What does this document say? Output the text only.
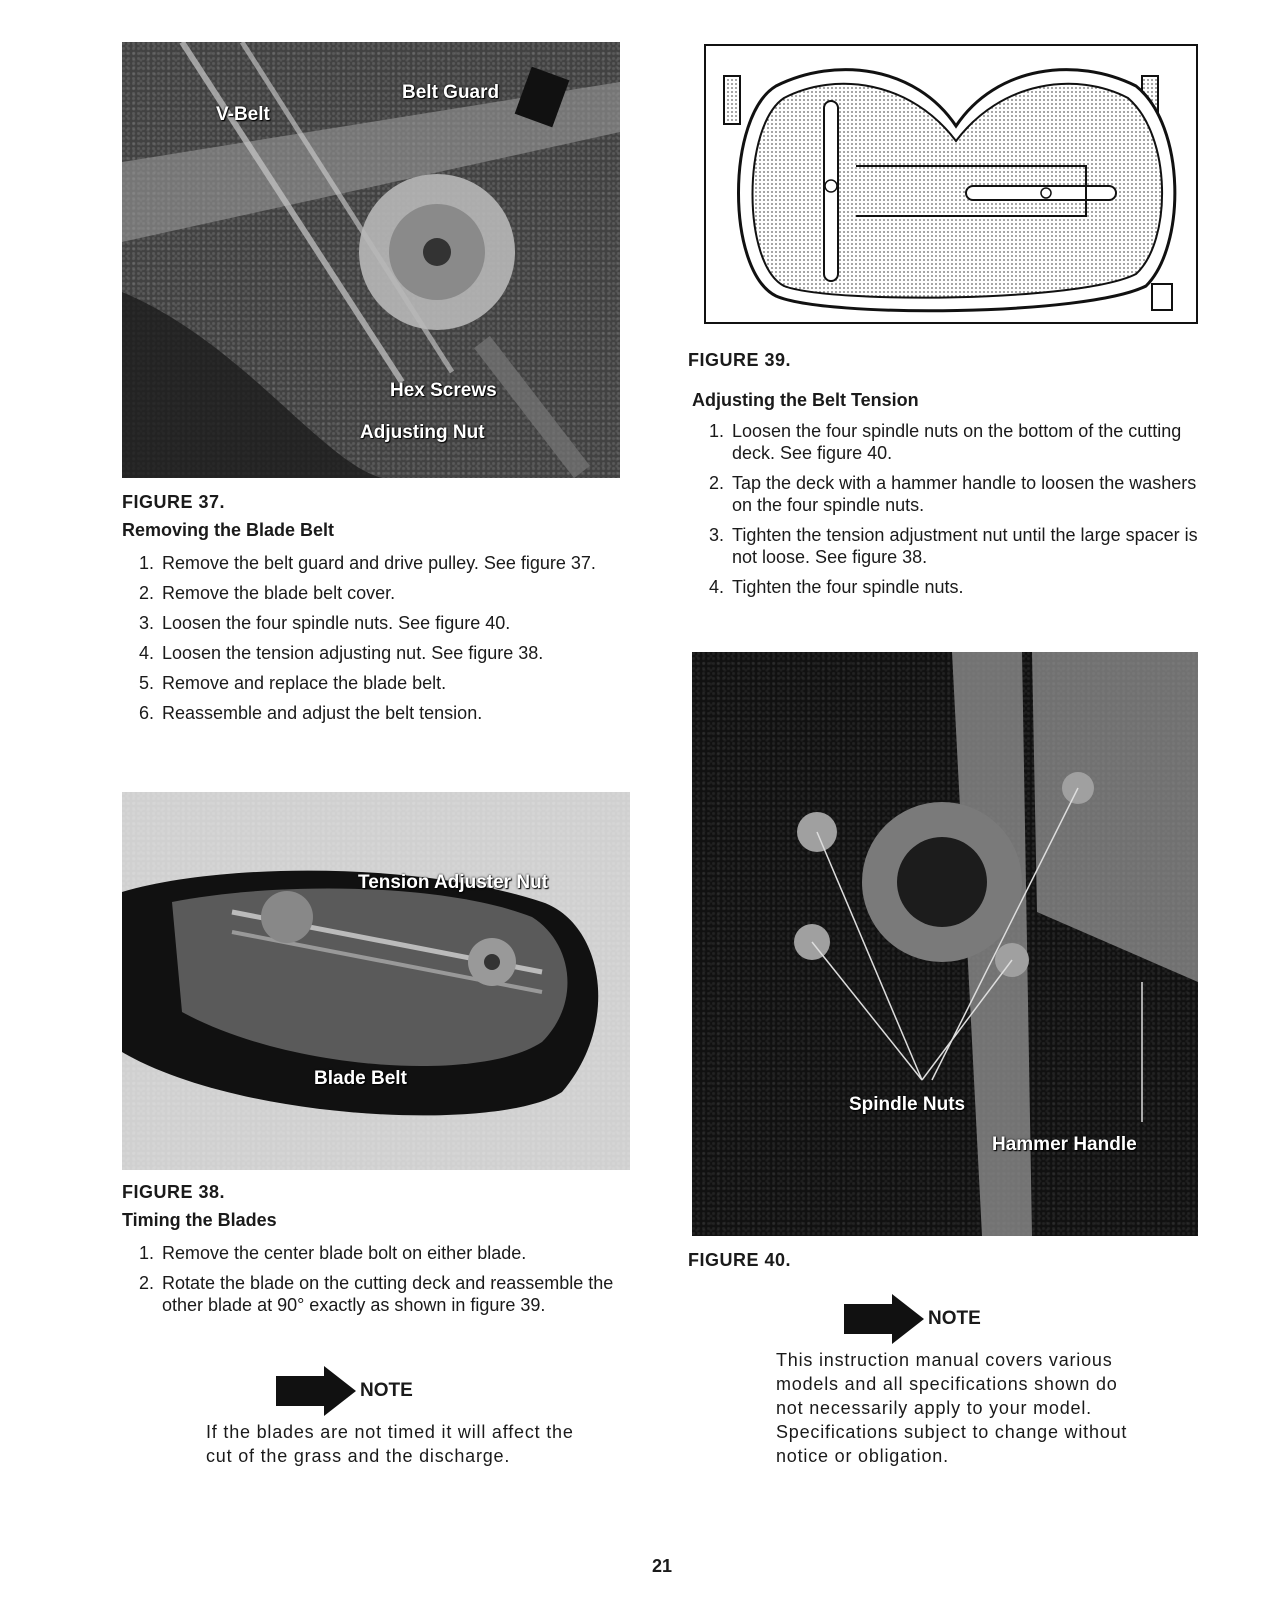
Belt Guard
V-Belt
Hex Screws
Adjusting Nut
FIGURE 37.
Removing the Blade Belt
1. Remove the belt guard and drive pulley. See figure 37.
2. Remove the blade belt cover.
3. Loosen the four spindle nuts. See figure 40.
4. Loosen the tension adjusting nut. See figure 38.
5. Remove and replace the blade belt.
6. Reassemble and adjust the belt tension.
Tension Adjuster Nut
Blade Belt
FIGURE 38.
Timing the Blades
1. Remove the center blade bolt on either blade.
2. Rotate the blade on the cutting deck and reassemble the other blade at 90° exactly as shown in figure 39.
NOTE
If the blades are not timed it will affect the cut of the grass and the discharge.
FIGURE 39.
Adjusting the Belt Tension
1. Loosen the four spindle nuts on the bottom of the cutting deck. See figure 40.
2. Tap the deck with a hammer handle to loosen the washers on the four spindle nuts.
3. Tighten the tension adjustment nut until the large spacer is not loose. See figure 38.
4. Tighten the four spindle nuts.
Spindle Nuts
Hammer Handle
FIGURE 40.
NOTE
This instruction manual covers various models and all specifications shown do not necessarily apply to your model. Specifications subject to change without notice or obligation.
21
